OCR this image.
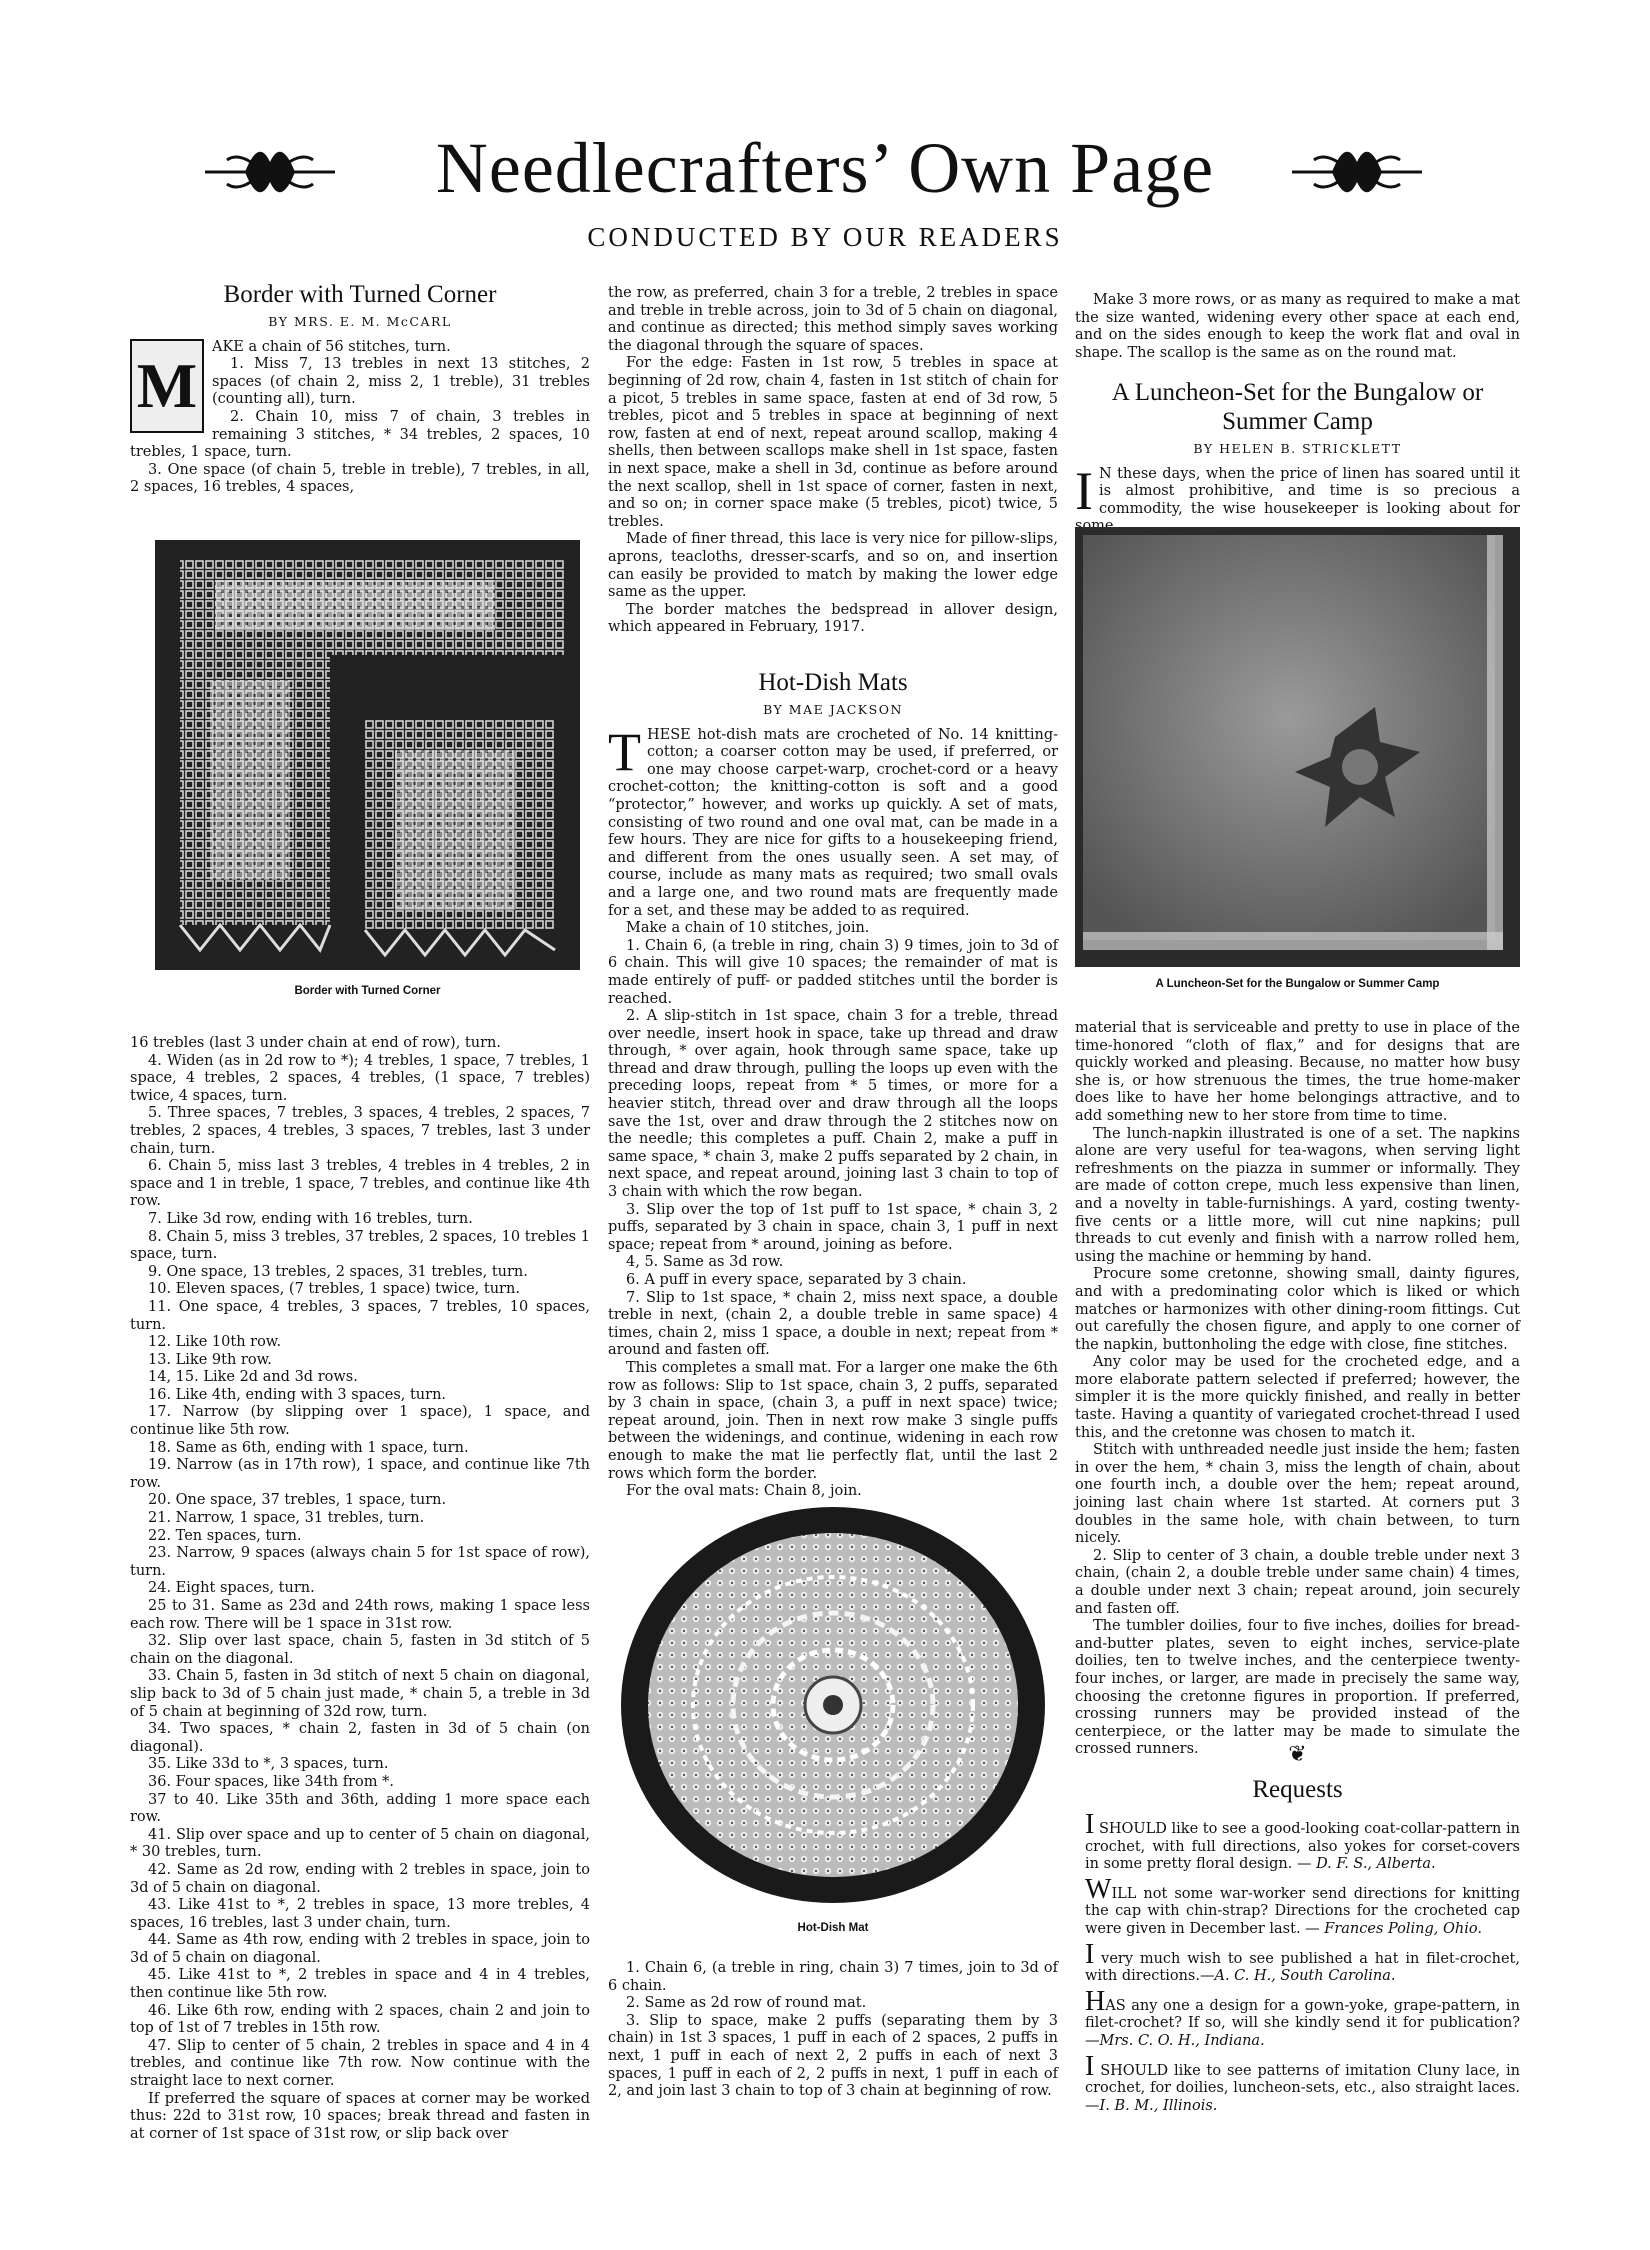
Needlecrafters’ Own Page
CONDUCTED BY OUR READERS
Border with Turned Corner
BY MRS. E. M. McCARL
M

AKE a chain of 56 stitches, turn.

1. Miss 7, 13 trebles in next 13 stitches, 2 spaces (of chain 2, miss 2, 1 treble), 31 trebles (counting all), turn.

2. Chain 10, miss 7 of chain, 3 trebles in remaining 3 stitches, * 34 trebles, 2 spaces, 10 trebles, 1 space, turn.

3. One space (of chain 5, treble in treble), 7 trebles, in all, 2 spaces, 16 trebles, 4 spaces,

Border with Turned Corner

16 trebles (last 3 under chain at end of row), turn.

4. Widen (as in 2d row to *); 4 trebles, 1 space, 7 trebles, 1 space, 4 trebles, 2 spaces, 4 trebles, (1 space, 7 trebles) twice, 4 spaces, turn.

5. Three spaces, 7 trebles, 3 spaces, 4 trebles, 2 spaces, 7 trebles, 2 spaces, 4 trebles, 3 spaces, 7 trebles, last 3 under chain, turn.

6. Chain 5, miss last 3 trebles, 4 trebles in 4 trebles, 2 in space and 1 in treble, 1 space, 7 trebles, and continue like 4th row.

7. Like 3d row, ending with 16 trebles, turn.

8. Chain 5, miss 3 trebles, 37 trebles, 2 spaces, 10 trebles 1 space, turn.

9. One space, 13 trebles, 2 spaces, 31 trebles, turn.

10. Eleven spaces, (7 trebles, 1 space) twice, turn.

11. One space, 4 trebles, 3 spaces, 7 trebles, 10 spaces, turn.

12. Like 10th row.

13. Like 9th row.

14, 15. Like 2d and 3d rows.

16. Like 4th, ending with 3 spaces, turn.

17. Narrow (by slipping over 1 space), 1 space, and continue like 5th row.

18. Same as 6th, ending with 1 space, turn.

19. Narrow (as in 17th row), 1 space, and continue like 7th row.

20. One space, 37 trebles, 1 space, turn.

21. Narrow, 1 space, 31 trebles, turn.

22. Ten spaces, turn.

23. Narrow, 9 spaces (always chain 5 for 1st space of row), turn.

24. Eight spaces, turn.

25 to 31. Same as 23d and 24th rows, making 1 space less each row. There will be 1 space in 31st row.

32. Slip over last space, chain 5, fasten in 3d stitch of 5 chain on the diagonal.

33. Chain 5, fasten in 3d stitch of next 5 chain on diagonal, slip back to 3d of 5 chain just made, * chain 5, a treble in 3d of 5 chain at beginning of 32d row, turn.

34. Two spaces, * chain 2, fasten in 3d of 5 chain (on diagonal).

35. Like 33d to *, 3 spaces, turn.

36. Four spaces, like 34th from *.

37 to 40. Like 35th and 36th, adding 1 more space each row.

41. Slip over space and up to center of 5 chain on diagonal, * 30 trebles, turn.

42. Same as 2d row, ending with 2 trebles in space, join to 3d of 5 chain on diagonal.

43. Like 41st to *, 2 trebles in space, 13 more trebles, 4 spaces, 16 trebles, last 3 under chain, turn.

44. Same as 4th row, ending with 2 trebles in space, join to 3d of 5 chain on diagonal.

45. Like 41st to *, 2 trebles in space and 4 in 4 trebles, then continue like 5th row.

46. Like 6th row, ending with 2 spaces, chain 2 and join to top of 1st of 7 trebles in 15th row.

47. Slip to center of 5 chain, 2 trebles in space and 4 in 4 trebles, and continue like 7th row. Now continue with the straight lace to next corner.

If preferred the square of spaces at corner may be worked thus: 22d to 31st row, 10 spaces; break thread and fasten in at corner of 1st space of 31st row, or slip back over

the row, as preferred, chain 3 for a treble, 2 trebles in space and treble in treble across, join to 3d of 5 chain on diagonal, and continue as directed; this method simply saves working the diagonal through the square of spaces.

For the edge: Fasten in 1st row, 5 trebles in space at beginning of 2d row, chain 4, fasten in 1st stitch of chain for a picot, 5 trebles in same space, fasten at end of 3d row, 5 trebles, picot and 5 trebles in space at beginning of next row, fasten at end of next, repeat around scallop, making 4 shells, then between scallops make shell in 1st space, fasten in next space, make a shell in 3d, continue as before around the next scallop, shell in 1st space of corner, fasten in next, and so on; in corner space make (5 trebles, picot) twice, 5 trebles.

Made of finer thread, this lace is very nice for pillow-slips, aprons, teacloths, dresser-scarfs, and so on, and insertion can easily be provided to match by making the lower edge same as the upper.

The border matches the bedspread in allover design, which appeared in February, 1917.

Hot-Dish Mats
BY MAE JACKSON

THESE hot-dish mats are crocheted of No. 14 knitting-cotton; a coarser cotton may be used, if preferred, or one may choose carpet-warp, crochet-cord or a heavy crochet-cotton; the knitting-cotton is soft and a good “protector,” however, and works up quickly. A set of mats, consisting of two round and one oval mat, can be made in a few hours. They are nice for gifts to a housekeeping friend, and different from the ones usually seen. A set may, of course, include as many mats as required; two small ovals and a large one, and two round mats are frequently made for a set, and these may be added to as required.

Make a chain of 10 stitches, join.

1. Chain 6, (a treble in ring, chain 3) 9 times, join to 3d of 6 chain. This will give 10 spaces; the remainder of mat is made entirely of puff- or padded stitches until the border is reached.

2. A slip-stitch in 1st space, chain 3 for a treble, thread over needle, insert hook in space, take up thread and draw through, * over again, hook through same space, take up thread and draw through, pulling the loops up even with the preceding loops, repeat from * 5 times, or more for a heavier stitch, thread over and draw through all the loops save the 1st, over and draw through the 2 stitches now on the needle; this completes a puff. Chain 2, make a puff in same space, * chain 3, make 2 puffs separated by 2 chain, in next space, and repeat around, joining last 3 chain to top of 3 chain with which the row began.

3. Slip over the top of 1st puff to 1st space, * chain 3, 2 puffs, separated by 3 chain in space, chain 3, 1 puff in next space; repeat from * around, joining as before.

4, 5. Same as 3d row.

6. A puff in every space, separated by 3 chain.

7. Slip to 1st space, * chain 2, miss next space, a double treble in next, (chain 2, a double treble in same space) 4 times, chain 2, miss 1 space, a double in next; repeat from * around and fasten off.

This completes a small mat. For a larger one make the 6th row as follows: Slip to 1st space, chain 3, 2 puffs, separated by 3 chain in space, (chain 3, a puff in next space) twice; repeat around, join. Then in next row make 3 single puffs between the widenings, and continue, widening in each row enough to make the mat lie perfectly flat, until the last 2 rows which form the border.

For the oval mats: Chain 8, join.

Hot-Dish Mat

1. Chain 6, (a treble in ring, chain 3) 7 times, join to 3d of 6 chain.

2. Same as 2d row of round mat.

3. Slip to space, make 2 puffs (separating them by 3 chain) in 1st 3 spaces, 1 puff in each of 2 spaces, 2 puffs in next, 1 puff in each of next 2, 2 puffs in each of next 3 spaces, 1 puff in each of 2, 2 puffs in next, 1 puff in each of 2, and join last 3 chain to top of 3 chain at beginning of row.

Make 3 more rows, or as many as required to make a mat the size wanted, widening every other space at each end, and on the sides enough to keep the work flat and oval in shape. The scallop is the same as on the round mat.

A Luncheon-Set for the Bungalow or Summer Camp
BY HELEN B. STRICKLETT

I N these days, when the price of linen has soared until it is almost prohibitive, and time is so precious a commodity, the wise housekeeper is looking about for

A Luncheon-Set for the Bungalow or Summer Camp

material that is serviceable and pretty to use in place of the time-honored “cloth of flax,” and for designs that are quickly worked and pleasing. Because, no matter how busy she is, or how strenuous the times, the true home-maker does like to have her home belongings attractive, and to add something new to her store from time to time.

The lunch-napkin illustrated is one of a set. The napkins alone are very useful for tea-wagons, when serving light refreshments on the piazza in summer or informally. They are made of cotton crepe, much less expensive than linen, and a novelty in table-furnishings. A yard, costing twenty-five cents or a little more, will cut nine napkins; pull threads to cut evenly and finish with a narrow rolled hem, using the machine or hemming by hand.

Procure some cretonne, showing small, dainty figures, and with a predominating color which is liked or which matches or harmonizes with other dining-room fittings. Cut out carefully the chosen figure, and apply to one corner of the napkin, buttonholing the edge with close, fine stitches.

Any color may be used for the crocheted edge, and a more elaborate pattern selected if preferred; however, the simpler it is the more quickly finished, and really in better taste. Having a quantity of variegated crochet-thread I used this, and the cretonne was chosen to match it.

Stitch with unthreaded needle just inside the hem; fasten in over the hem, * chain 3, miss the length of chain, about one fourth inch, a double over the hem; repeat around, joining last chain where 1st started. At corners put 3 doubles in the same hole, with chain between, to turn nicely.

2. Slip to center of 3 chain, a double treble under next 3 chain, (chain 2, a double treble under same chain) 4 times, a double under next 3 chain; repeat around, join securely and fasten off.

The tumbler doilies, four to five inches, doilies for bread-and-butter plates, seven to eight inches, service-plate doilies, ten to twelve inches, and the centerpiece twenty-four inches, or larger, are made in precisely the same way, choosing the cretonne figures in proportion. If preferred, crossing runners may be provided instead of the centerpiece, or the latter may be made to simulate the crossed runners.	❦
Requests

I SHOULD like to see a good-looking coat-collar-pattern in crochet, with full directions, also yokes for corset-covers in some pretty floral design. — D. F. S., Alberta.

WILL not some war-worker send directions for knitting the cap with chin-strap? Directions for the crocheted cap were given in December last. — Frances Poling, Ohio.

I very much wish to see published a hat in filet-crochet, with directions.—A. C. H., South Carolina.

HAS any one a design for a gown-yoke, grape-pattern, in filet-crochet? If so, will she kindly send it for publication?—Mrs. C. O. H., Indiana.

I SHOULD like to see patterns of imitation Cluny lace, in crochet, for doilies, luncheon-sets, etc., also straight laces.—I. B. M., Illinois.
